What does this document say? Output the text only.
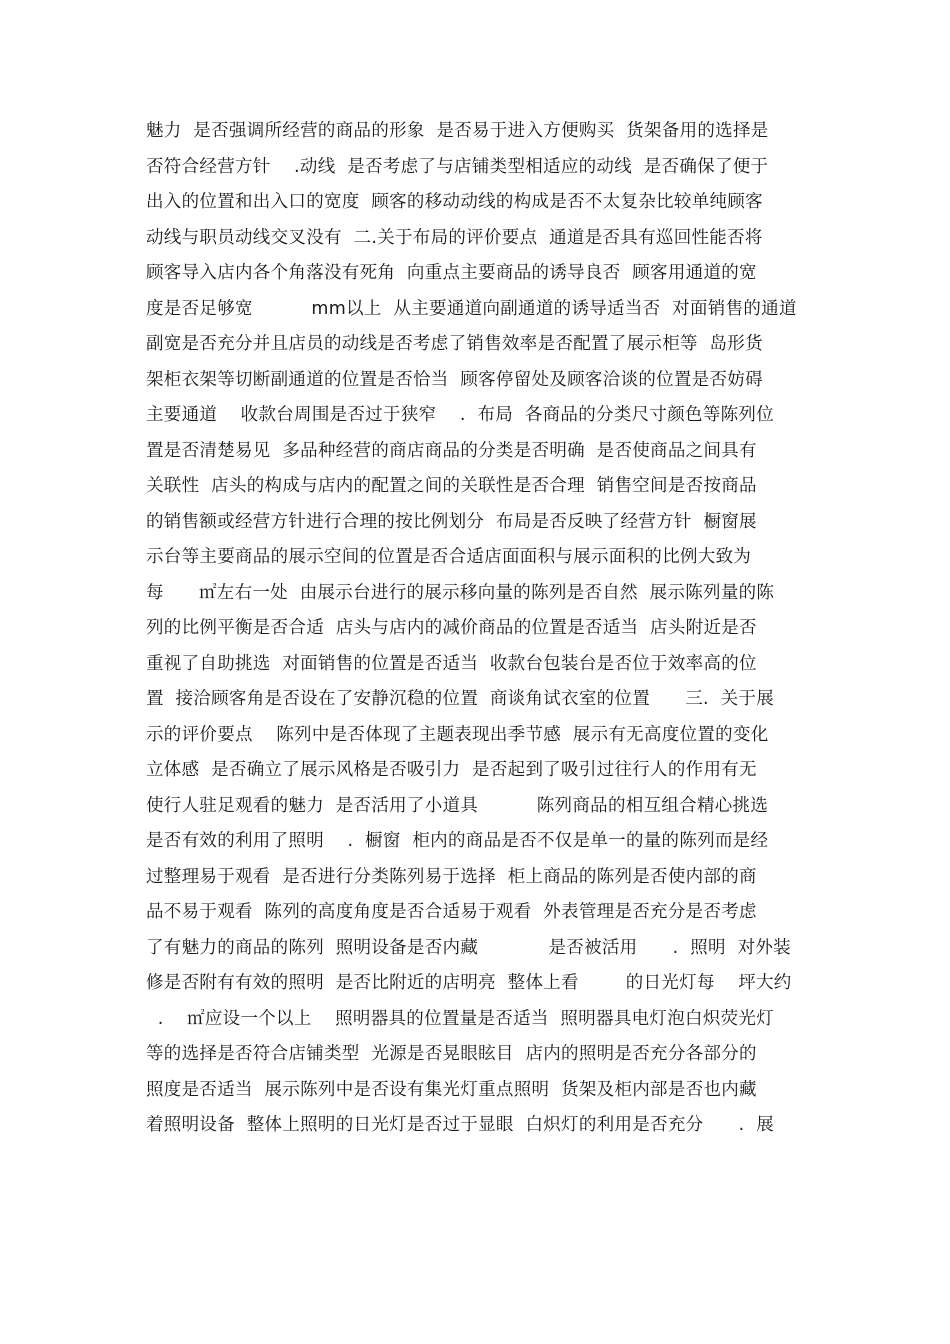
魅力  是否强调所经营的商品的形象  是否易于进入方便购买  货架备用的选择是
否符合经营方针    .动线  是否考虑了与店铺类型相适应的动线  是否确保了便于
出入的位置和出入口的宽度  顾客的移动动线的构成是否不太复杂比较单纯顾客
动线与职员动线交叉没有  二.关于布局的评价要点  通道是否具有巡回性能否将
顾客导入店内各个角落没有死角  向重点主要商品的诱导良否  顾客用通道的宽
度是否足够宽          mm以上  从主要通道向副通道的诱导适当否  对面销售的通道
副宽是否充分并且店员的动线是否考虑了销售效率是否配置了展示柜等  岛形货
架柜衣架等切断副通道的位置是否恰当  顾客停留处及顾客洽谈的位置是否妨碍
主要通道    收款台周围是否过于狭窄    .  布局  各商品的分类尺寸颜色等陈列位
置是否清楚易见  多品种经营的商店商品的分类是否明确  是否使商品之间具有
关联性  店头的构成与店内的配置之间的关联性是否合理  销售空间是否按商品
的销售额或经营方针进行合理的按比例划分  布局是否反映了经营方针  橱窗展
示台等主要商品的展示空间的位置是否合适店面面积与展示面积的比例大致为
每      ㎡左右一处  由展示台进行的展示移向量的陈列是否自然  展示陈列量的陈
列的比例平衡是否合适  店头与店内的减价商品的位置是否适当  店头附近是否
重视了自助挑选  对面销售的位置是否适当  收款台包装台是否位于效率高的位
置  接洽顾客角是否设在了安静沉稳的位置  商谈角试衣室的位置      三.  关于展
示的评价要点    陈列中是否体现了主题表现出季节感  展示有无高度位置的变化
立体感  是否确立了展示风格是否吸引力  是否起到了吸引过往行人的作用有无
使行人驻足观看的魅力  是否活用了小道具          陈列商品的相互组合精心挑选
是否有效的利用了照明    .  橱窗  柜内的商品是否不仅是单一的量的陈列而是经
过整理易于观看  是否进行分类陈列易于选择  柜上商品的陈列是否使内部的商
品不易于观看  陈列的高度角度是否合适易于观看  外表管理是否充分是否考虑
了有魅力的商品的陈列  照明设备是否内藏            是否被活用      .  照明  对外装
修是否附有有效的照明  是否比附近的店明亮  整体上看        的日光灯每    坪大约
.    ㎡应设一个以上    照明器具的位置量是否适当  照明器具电灯泡白炽荧光灯
等的选择是否符合店铺类型  光源是否晃眼眩目  店内的照明是否充分各部分的
照度是否适当  展示陈列中是否设有集光灯重点照明  货架及柜内部是否也内藏
着照明设备  整体上照明的日光灯是否过于显眼  白炽灯的利用是否充分      .  展
